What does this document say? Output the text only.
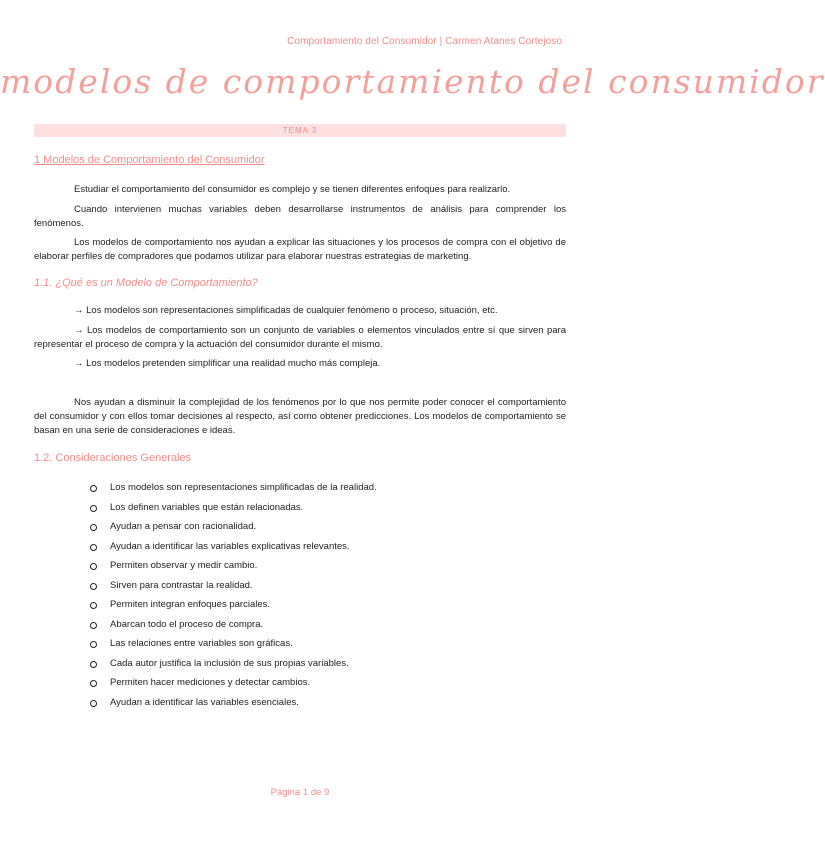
Comportamiento del Consumidor | Carmen Atanes Cortejoso
modelos de comportamiento del consumidor
TEMA 3
1 Modelos de Comportamiento del Consumidor
Estudiar el comportamiento del consumidor es complejo y se tienen diferentes enfoques para realizarlo.
Cuando intervienen muchas variables deben desarrollarse instrumentos de análisis para comprender los fenómenos.
Los modelos de comportamiento nos ayudan a explicar las situaciones y los procesos de compra con el objetivo de elaborar perfiles de compradores que podamos utilizar para elaborar nuestras estrategias de marketing.
1.1. ¿Qué es un Modelo de Comportamiento?
→ Los modelos son representaciones simplificadas de cualquier fenómeno o proceso, situación, etc.
→ Los modelos de comportamiento son un conjunto de variables o elementos vinculados entre sí que sirven para representar el proceso de compra y la actuación del consumidor durante el mismo.
→ Los modelos pretenden simplificar una realidad mucho más compleja.
Nos ayudan a disminuir la complejidad de los fenómenos por lo que nos permite poder conocer el comportamiento del consumidor y con ellos tomar decisiones al respecto, así como obtener predicciones. Los modelos de comportamiento se basan en una serie de consideraciones e ideas.
1.2. Consideraciones Generales
Los modelos son representaciones simplificadas de la realidad.
Los definen variables que están relacionadas.
Ayudan a pensar con racionalidad.
Ayudan a identificar las variables explicativas relevantes.
Permiten observar y medir cambio.
Sirven para contrastar la realidad.
Permiten integran enfoques parciales.
Abarcan todo el proceso de compra.
Las relaciones entre variables son gráficas.
Cada autor justifica la inclusión de sus propias variables.
Permiten hacer mediciones y detectar cambios.
Ayudan a identificar las variables esenciales.
Página 1 de 9
